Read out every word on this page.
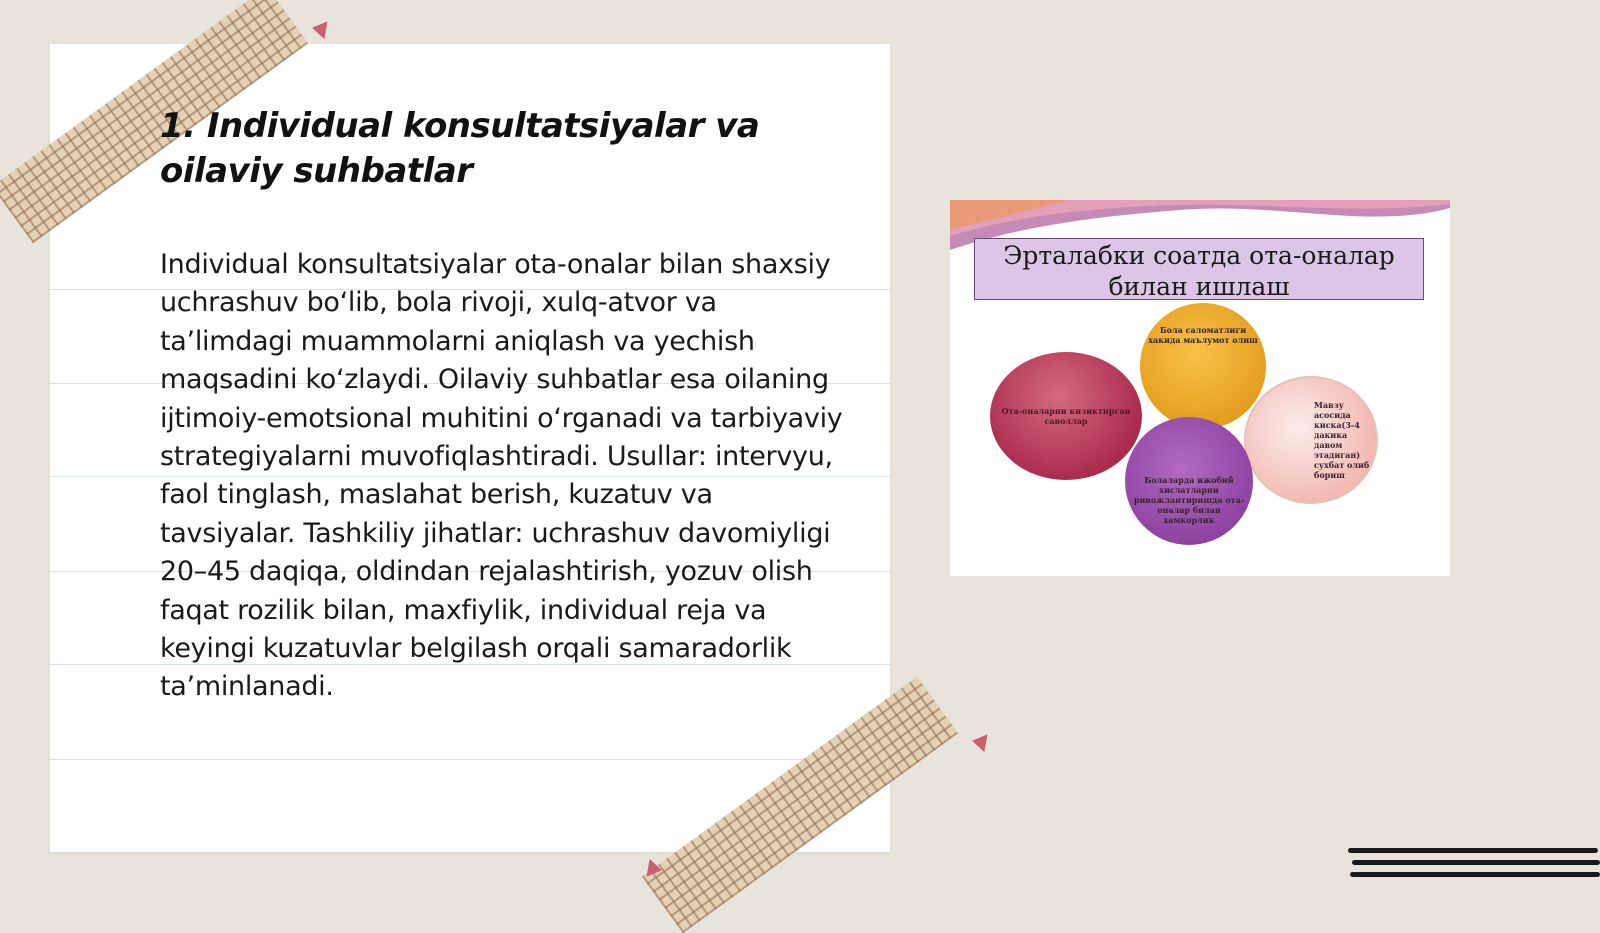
1. Individual konsultatsiyalar va oilaviy suhbatlar

Individual konsultatsiyalar ota-onalar bilan shaxsiy uchrashuv bo‘lib, bola rivoji, xulq-atvor va ta’limdagi muammolarni aniqlash va yechish maqsadini ko‘zlaydi. Oilaviy suhbatlar esa oilaning ijtimoiy-emotsional muhitini o‘rganadi va tarbiyaviy strategiyalarni muvofiqlashtiradi. Usullar: intervyu, faol tinglash, maslahat berish, kuzatuv va tavsiyalar. Tashkiliy jihatlar: uchrashuv davomiyligi 20–45 daqiqa, oldindan rejalashtirish, yozuv olish faqat rozilik bilan, maxfiylik, individual reja va keyingi kuzatuvlar belgilash orqali samaradorlik ta’minlanadi.

Эрталабки соатда ота-оналар билан ишлаш
Ота-оналарни кизиктирган саволлар
Бола саломатлиги хакида маълумот олиш
Мавзу асосида киска(3-4 дакика давом этадиган) сухбат олиб бориш
Болаларда ижобий хислатларни ривожлантиришда ота-оналар билан хамкорлик
